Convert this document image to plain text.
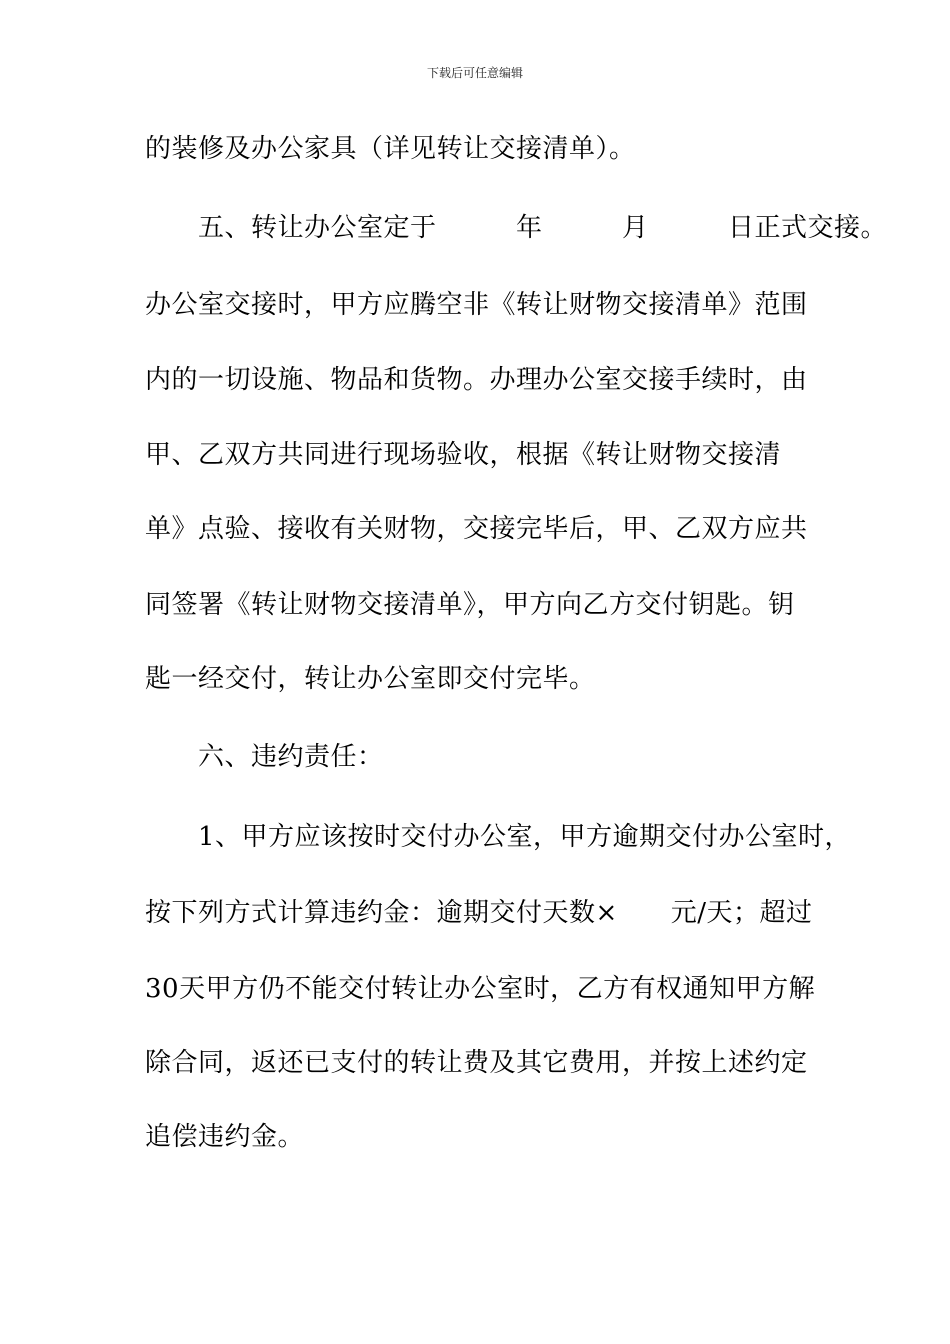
下载后可任意编辑
的装修及办公家具（详见转让交接清单）。
　　五、转让办公室定于　　　年　　　月　　　日正式交接。
办公室交接时，甲方应腾空非《转让财物交接清单》范围
内的一切设施、物品和货物。办理办公室交接手续时，由
甲、乙双方共同进行现场验收，根据《转让财物交接清
单》点验、接收有关财物，交接完毕后，甲、乙双方应共
同签署《转让财物交接清单》，甲方向乙方交付钥匙。钥
匙一经交付，转让办公室即交付完毕。
　　六、违约责任：
　　1、甲方应该按时交付办公室，甲方逾期交付办公室时，
按下列方式计算违约金：逾期交付天数×　　元/天；超过
30天甲方仍不能交付转让办公室时，乙方有权通知甲方解
除合同，返还已支付的转让费及其它费用，并按上述约定
追偿违约金。
